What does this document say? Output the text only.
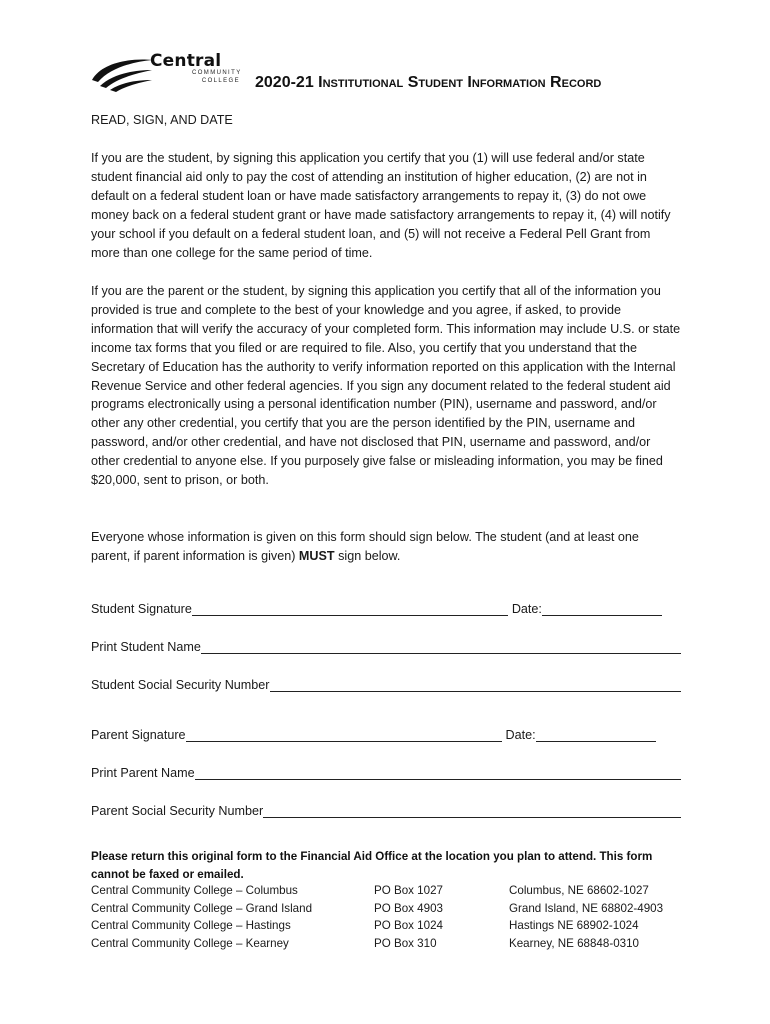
Central
COMMUNITY
COLLEGE 2020-21 Institutional Student Information Record
READ, SIGN, AND DATE
If you are the student, by signing this application you certify that you (1) will use federal and/or state student financial aid only to pay the cost of attending an institution of higher education, (2) are not in default on a federal student loan or have made satisfactory arrangements to repay it, (3) do not owe money back on a federal student grant or have made satisfactory arrangements to repay it, (4) will notify your school if you default on a federal student loan, and (5) will not receive a Federal Pell Grant from more than one college for the same period of time.
If you are the parent or the student, by signing this application you certify that all of the information you provided is true and complete to the best of your knowledge and you agree, if asked, to provide information that will verify the accuracy of your completed form. This information may include U.S. or state income tax forms that you filed or are required to file. Also, you certify that you understand that the Secretary of Education has the authority to verify information reported on this application with the Internal Revenue Service and other federal agencies. If you sign any document related to the federal student aid programs electronically using a personal identification number (PIN), username and password, and/or other any other credential, you certify that you are the person identified by the PIN, username and password, and/or other credential, and have not disclosed that PIN, username and password, and/or other credential to anyone else. If you purposely give false or misleading information, you may be fined $20,000, sent to prison, or both.
Everyone whose information is given on this form should sign below. The student (and at least one parent, if parent information is given) MUST sign below.
Student Signature	Date:
Print Student Name
Student Social Security Number
Parent Signature	Date:
Print Parent Name
Parent Social Security Number
Please return this original form to the Financial Aid Office at the location you plan to attend. This form cannot be faxed or emailed.
Central Community College – Columbus	PO Box 1027	Columbus, NE 68602-1027
Central Community College – Grand Island	PO Box 4903	Grand Island, NE 68802-4903
Central Community College – Hastings	PO Box 1024	Hastings NE 68902-1024
Central Community College – Kearney	PO Box 310	Kearney, NE 68848-0310
